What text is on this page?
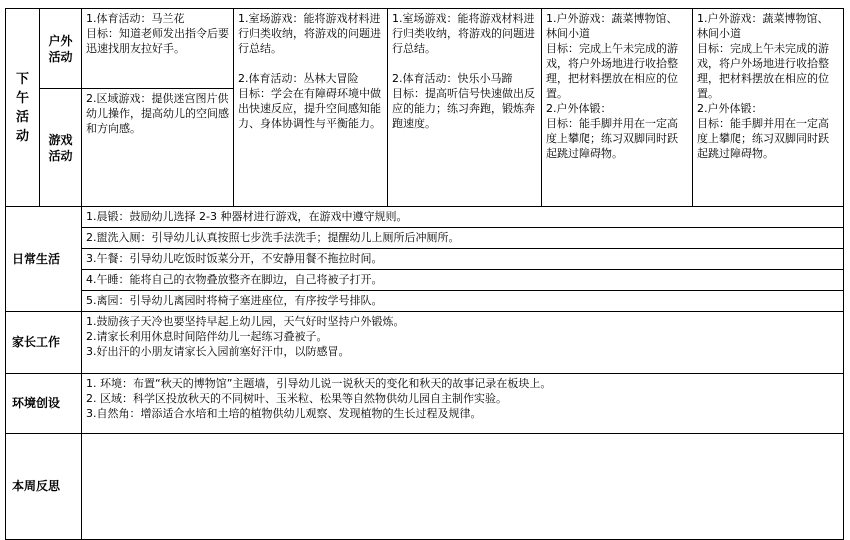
下午活动	户外活动	1.体育活动：马兰花
目标：知道老师发出指令后要迅速找朋友拉好手。	1.室场游戏：能将游戏材料进行归类收纳，将游戏的问题进行总结。
2.体育活动：丛林大冒险
目标：学会在有障碍环境中做出快速反应，提升空间感知能力、身体协调性与平衡能力。	1.室场游戏：能将游戏材料进行归类收纳，将游戏的问题进行总结。
2.体育活动：快乐小马蹄
目标：提高听信号快速做出反应的能力；练习奔跑，锻炼奔跑速度。	1.户外游戏：蔬菜博物馆、林间小道
目标：完成上午未完成的游戏，将户外场地进行收拾整理，把材料摆放在相应的位置。
2.户外体锻：
目标：能手脚并用在一定高度上攀爬；练习双脚同时跃起跳过障碍物。	1.户外游戏：蔬菜博物馆、林间小道
目标：完成上午未完成的游戏，将户外场地进行收拾整理，把材料摆放在相应的位置。
2.户外体锻：
目标：能手脚并用在一定高度上攀爬；练习双脚同时跃起跳过障碍物。

	游戏活动	2.区域游戏：提供迷宫图片供幼儿操作，提高幼儿的空间感和方向感。				

日常生活		1.晨锻：鼓励幼儿选择 2-3 种器材进行游戏，在游戏中遵守规则。
2.盥洗入厕：引导幼儿认真按照七步洗手法洗手；提醒幼儿上厕所后冲厕所。
3.午餐：引导幼儿吃饭时饭菜分开，不安静用餐不拖拉时间。
4.午睡：能将自己的衣物叠放整齐在脚边，自己将被子打开。
5.离园：引导幼儿离园时将椅子塞进座位，有序按学号排队。				

家长工作		1.鼓励孩子天冷也要坚持早起上幼儿园，天气好时坚持户外锻炼。
2.请家长利用休息时间陪伴幼儿一起练习叠被子。
3.好出汗的小朋友请家长入园前塞好汗巾，以防感冒。				

环境创设		1. 环境：布置“秋天的博物馆”主题墙，引导幼儿说一说秋天的变化和秋天的故事记录在板块上。
2. 区域：科学区投放秋天的不同树叶、玉米粒、松果等自然物供幼儿园自主制作实验。
3.自然角：增添适合水培和土培的植物供幼儿观察、发现植物的生长过程及规律。				

本周反思						
